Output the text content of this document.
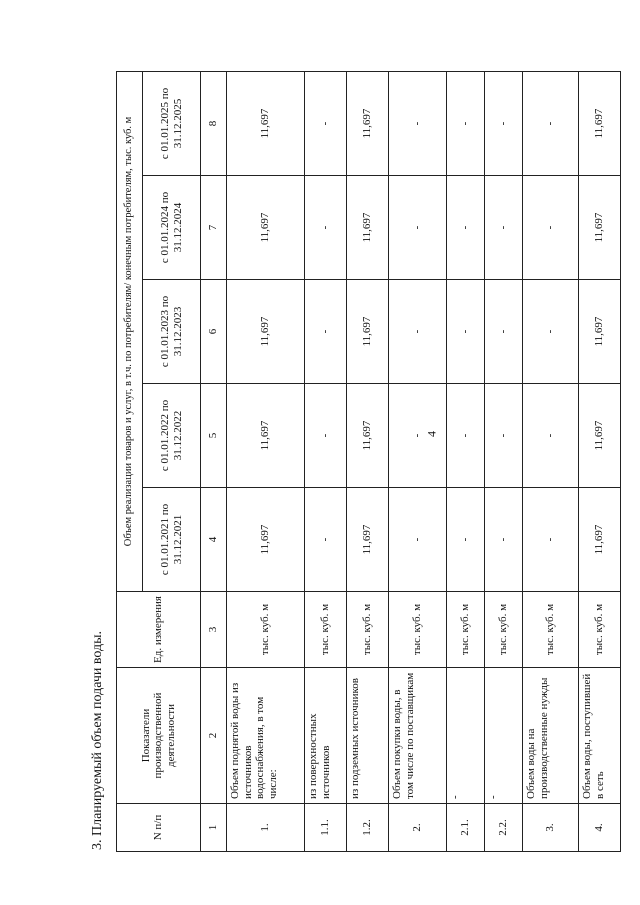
4
3. Планируемый объем подачи воды.	N п/п	Показатели производственной деятельности	Ед. измерения	Объем реализации товаров и услуг, в т.ч. по потребителям/ конечным потребителям, тыс. куб. м				
			с 01.01.2021 по 31.12.2021	с 01.01.2022 по 31.12.2022	с 01.01.2023 по 31.12.2023	с 01.01.2024 по 31.12.2024	с 01.01.2025 по 31.12.2025
1	2	3	4	5	6	7	8
1.	Объем поднятой воды из источников водоснабжения, в том числе:	тыс. куб. м	11,697	11,697	11,697	11,697	11,697
1.1.	из поверхностных источников	тыс. куб. м	-	-	-	-	-
1.2.	из подземных источников	тыс. куб. м	11,697	11,697	11,697	11,697	11,697
2.	Объем покупки воды, в том числе по поставщикам	тыс. куб. м	-	-	-	-	-
2.1.	-	тыс. куб. м	-	-	-	-	-
2.2.	-	тыс. куб. м	-	-	-	-	-
3.	Объем воды на производственные нужды	тыс. куб. м	-	-	-	-	-
4.	Объем воды, поступившей в сеть	тыс. куб. м	11,697	11,697	11,697	11,697	11,697
